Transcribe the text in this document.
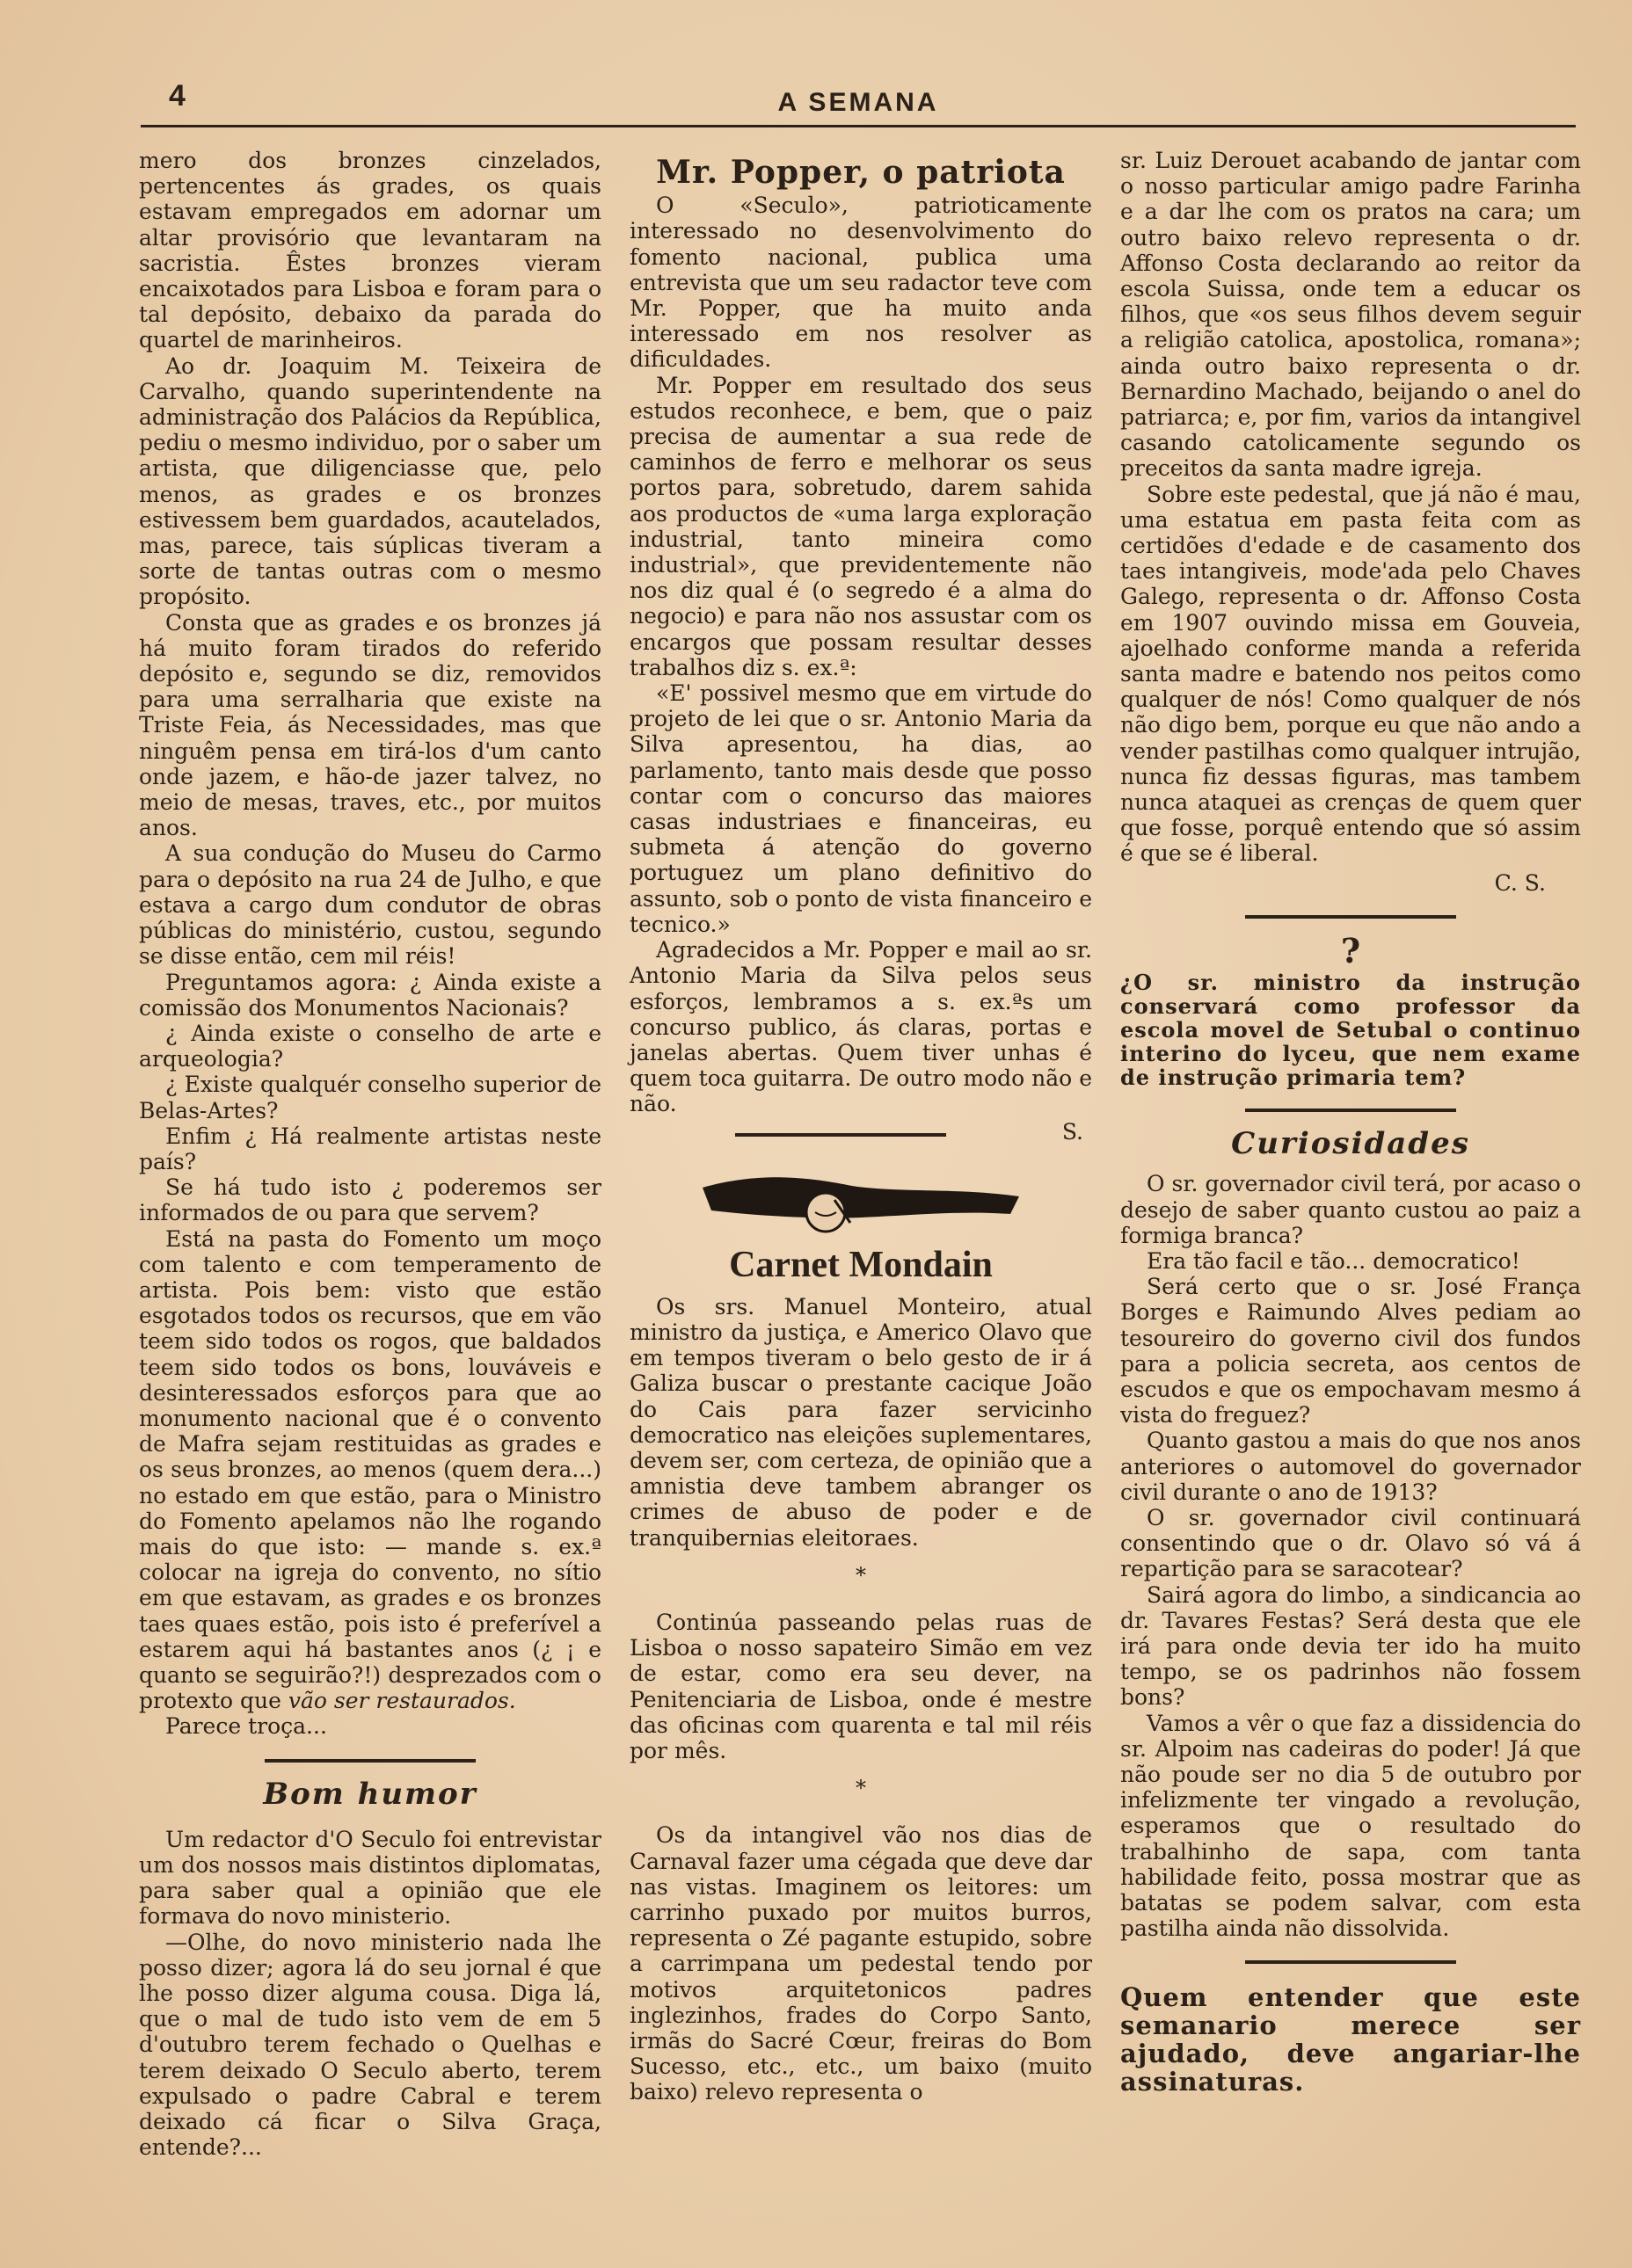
4	A SEMANA

mero dos bronzes cinzelados, pertencentes ás grades, os quais estavam empregados em adornar um altar provisório que levantaram na sacristia. Êstes bronzes vieram encaixotados para Lisboa e foram para o tal depósito, debaixo da parada do quartel de marinheiros.

Ao dr. Joaquim M. Teixeira de Carvalho, quando superintendente na administração dos Palácios da República, pediu o mesmo individuo, por o saber um artista, que diligenciasse que, pelo menos, as grades e os bronzes estivessem bem guardados, acautelados, mas, parece, tais súplicas tiveram a sorte de tantas outras com o mesmo propósito.

Consta que as grades e os bronzes já há muito foram tirados do referido depósito e, segundo se diz, removidos para uma serralharia que existe na Triste Feia, ás Necessidades, mas que ninguêm pensa em tirá-los d'um canto onde jazem, e hão-de jazer talvez, no meio de mesas, traves, etc., por muitos anos.

A sua condução do Museu do Carmo para o depósito na rua 24 de Julho, e que estava a cargo dum condutor de obras públicas do ministério, custou, segundo se disse então, cem mil réis!

Preguntamos agora: ¿ Ainda existe a comissão dos Monumentos Nacionais?

¿ Ainda existe o conselho de arte e arqueologia?

¿ Existe qualquér conselho superior de Belas-Artes?

Enfim ¿ Há realmente artistas neste país?

Se há tudo isto ¿ poderemos ser informados de ou para que servem?

Está na pasta do Fomento um moço com talento e com temperamento de artista. Pois bem: visto que estão esgotados todos os recursos, que em vão teem sido todos os rogos, que baldados teem sido todos os bons, louváveis e desinteressados esforços para que ao monumento nacional que é o convento de Mafra sejam restituidas as grades e os seus bronzes, ao menos (quem dera...) no estado em que estão, para o Ministro do Fomento apelamos não lhe rogando mais do que isto: — mande s. ex.ª colocar na igreja do convento, no sítio em que estavam, as grades e os bronzes taes quaes estão, pois isto é preferível a estarem aqui há bastantes anos (¿ ¡ e quanto se seguirão?!) desprezados com o protexto que vão ser restaurados.

Parece troça...

Bom humor

Um redactor d'O Seculo foi entrevistar um dos nossos mais distintos diplomatas, para saber qual a opinião que ele formava do novo ministerio.

—Olhe, do novo ministerio nada lhe posso dizer; agora lá do seu jornal é que lhe posso dizer alguma cousa. Diga lá, que o mal de tudo isto vem de em 5 d'outubro terem fechado o Quelhas e terem deixado O Seculo aberto, terem expulsado o padre Cabral e terem deixado cá ficar o Silva Graça, entende?...

Mr. Popper, o patriota

O «Seculo», patrioticamente interessado no desenvolvimento do fomento nacional, publica uma entrevista que um seu radactor teve com Mr. Popper, que ha muito anda interessado em nos resolver as dificuldades.

Mr. Popper em resultado dos seus estudos reconhece, e bem, que o paiz precisa de aumentar a sua rede de caminhos de ferro e melhorar os seus portos para, sobretudo, darem sahida aos productos de «uma larga exploração industrial, tanto mineira como industrial», que previdentemente não nos diz qual é (o segredo é a alma do negocio) e para não nos assustar com os encargos que possam resultar desses trabalhos diz s. ex.ª:

«E' possivel mesmo que em virtude do projeto de lei que o sr. Antonio Maria da Silva apresentou, ha dias, ao parlamento, tanto mais desde que posso contar com o concurso das maiores casas industriaes e financeiras, eu submeta á atenção do governo portuguez um plano definitivo do assunto, sob o ponto de vista financeiro e tecnico.»

Agradecidos a Mr. Popper e mail ao sr. Antonio Maria da Silva pelos seus esforços, lembramos a s. ex.ªs um concurso publico, ás claras, portas e janelas abertas. Quem tiver unhas é quem toca guitarra. De outro modo não e não.

S.
Carnet Mondain

Os srs. Manuel Monteiro, atual ministro da justiça, e Americo Olavo que em tempos tiveram o belo gesto de ir á Galiza buscar o prestante cacique João do Cais para fazer servicinho democratico nas eleições suplementares, devem ser, com certeza, de opinião que a amnistia deve tambem abranger os crimes de abuso de poder e de tranquibernias eleitoraes.

*

Continúa passeando pelas ruas de Lisboa o nosso sapateiro Simão em vez de estar, como era seu dever, na Penitenciaria de Lisboa, onde é mestre das oficinas com quarenta e tal mil réis por mês.

*

Os da intangivel vão nos dias de Carnaval fazer uma cégada que deve dar nas vistas. Imaginem os leitores: um carrinho puxado por muitos burros, representa o Zé pagante estupido, sobre a carrimpana um pedestal tendo por motivos arquitetonicos padres inglezinhos, frades do Corpo Santo, irmãs do Sacré Cœur, freiras do Bom Sucesso, etc., etc., um baixo (muito baixo) relevo representa o

sr. Luiz Derouet acabando de jantar com o nosso particular amigo padre Farinha e a dar lhe com os pratos na cara; um outro baixo relevo representa o dr. Affonso Costa declarando ao reitor da escola Suissa, onde tem a educar os filhos, que «os seus filhos devem seguir a religião catolica, apostolica, romana»; ainda outro baixo representa o dr. Bernardino Machado, beijando o anel do patriarca; e, por fim, varios da intangivel casando catolicamente segundo os preceitos da santa madre igreja.

Sobre este pedestal, que já não é mau, uma estatua em pasta feita com as certidões d'edade e de casamento dos taes intangiveis, mode'ada pelo Chaves Galego, representa o dr. Affonso Costa em 1907 ouvindo missa em Gouveia, ajoelhado conforme manda a referida santa madre e batendo nos peitos como qualquer de nós! Como qualquer de nós não digo bem, porque eu que não ando a vender pastilhas como qualquer intrujão, nunca fiz dessas figuras, mas tambem nunca ataquei as crenças de quem quer que fosse, porquê entendo que só assim é que se é liberal.

C. S.
?
¿O sr. ministro da instrução conservará como professor da escola movel de Setubal o continuo interino do lyceu, que nem exame de instrução primaria tem?
Curiosidades

O sr. governador civil terá, por acaso o desejo de saber quanto custou ao paiz a formiga branca?

Era tão facil e tão... democratico!

Será certo que o sr. José França Borges e Raimundo Alves pediam ao tesoureiro do governo civil dos fundos para a policia secreta, aos centos de escudos e que os empochavam mesmo á vista do freguez?

Quanto gastou a mais do que nos anos anteriores o automovel do governador civil durante o ano de 1913?

O sr. governador civil continuará consentindo que o dr. Olavo só vá á repartição para se saracotear?

Sairá agora do limbo, a sindicancia ao dr. Tavares Festas? Será desta que ele irá para onde devia ter ido ha muito tempo, se os padrinhos não fossem bons?

Vamos a vêr o que faz a dissidencia do sr. Alpoim nas cadeiras do poder! Já que não poude ser no dia 5 de outubro por infelizmente ter vingado a revolução, esperamos que o resultado do trabalhinho de sapa, com tanta habilidade feito, possa mostrar que as batatas se podem salvar, com esta pastilha ainda não dissolvida.

Quem entender que este semanario merece ser ajudado, deve angariar-lhe assinaturas.
